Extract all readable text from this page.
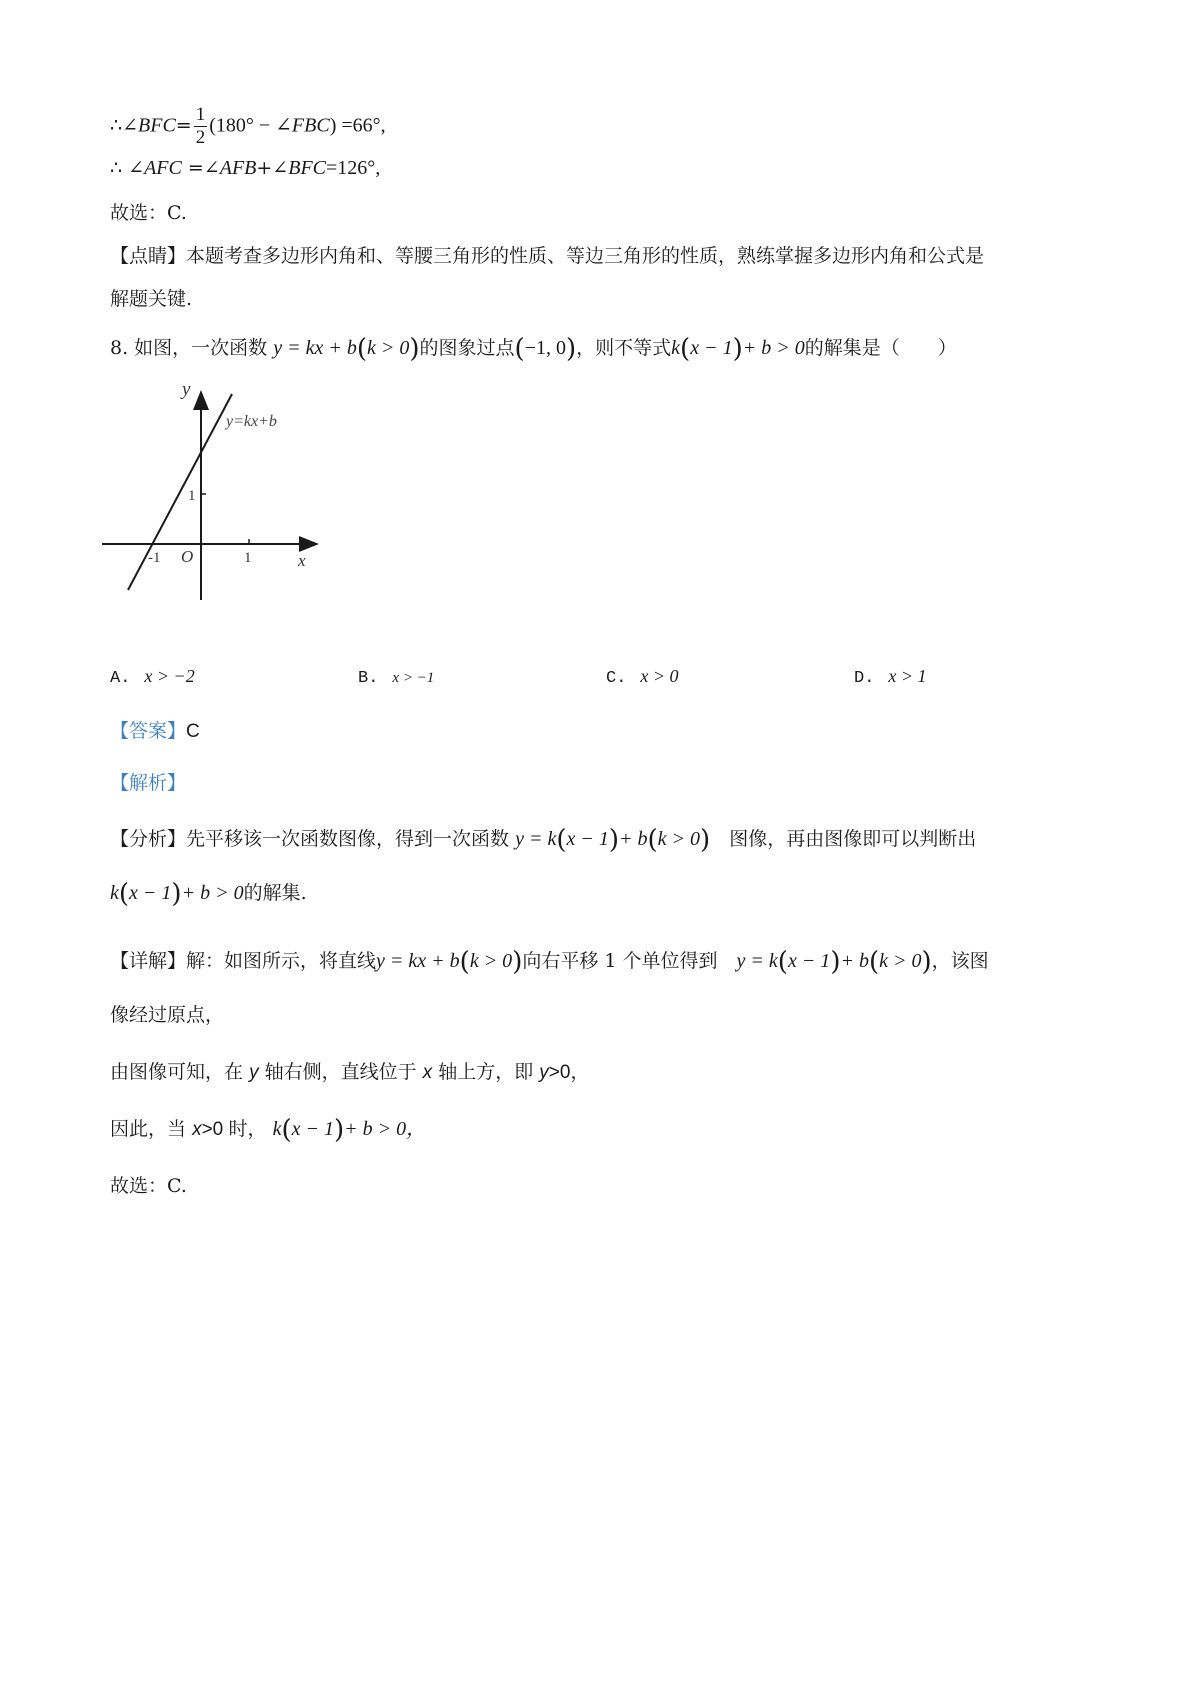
∴∠BFC= $\frac{1}{2} (180^\circ$ − ∠FBC) =66°,
∴ ∠AFC =∠AFB+∠BFC=126°,
故选：C.
【点睛】本题考查多边形内角和、等腰三角形的性质、等边三角形的性质，熟练掌握多边形内角和公式是
解题关键.
8. 如图，一次函数 y = kx + b(k > 0)的图象过点(−1, 0)，则不等式k(x − 1)+ b > 0的解集是（　　）
y
x
y=kx+b
O	1
-1
1
A. x > −2	B. x > −1	C. x > 0	D. x > 1
【答案】C
【解析】
【分析】先平移该一次函数图像，得到一次函数 y = k(x − 1)+ b(k > 0)　 图像，再由图像即可以判断出
k(x − 1)+ b > 0的解集.
【详解】解：如图所示，将直线y = kx + b(k > 0)向右平移 1 个单位得到　 y = k(x − 1)+ b(k > 0)，该图
像经过原点，
由图像可知，在 y 轴右侧，直线位于 x 轴上方，即 y>0，
因此，当 x>0 时， k(x − 1)+ b > 0，
故选：C.
